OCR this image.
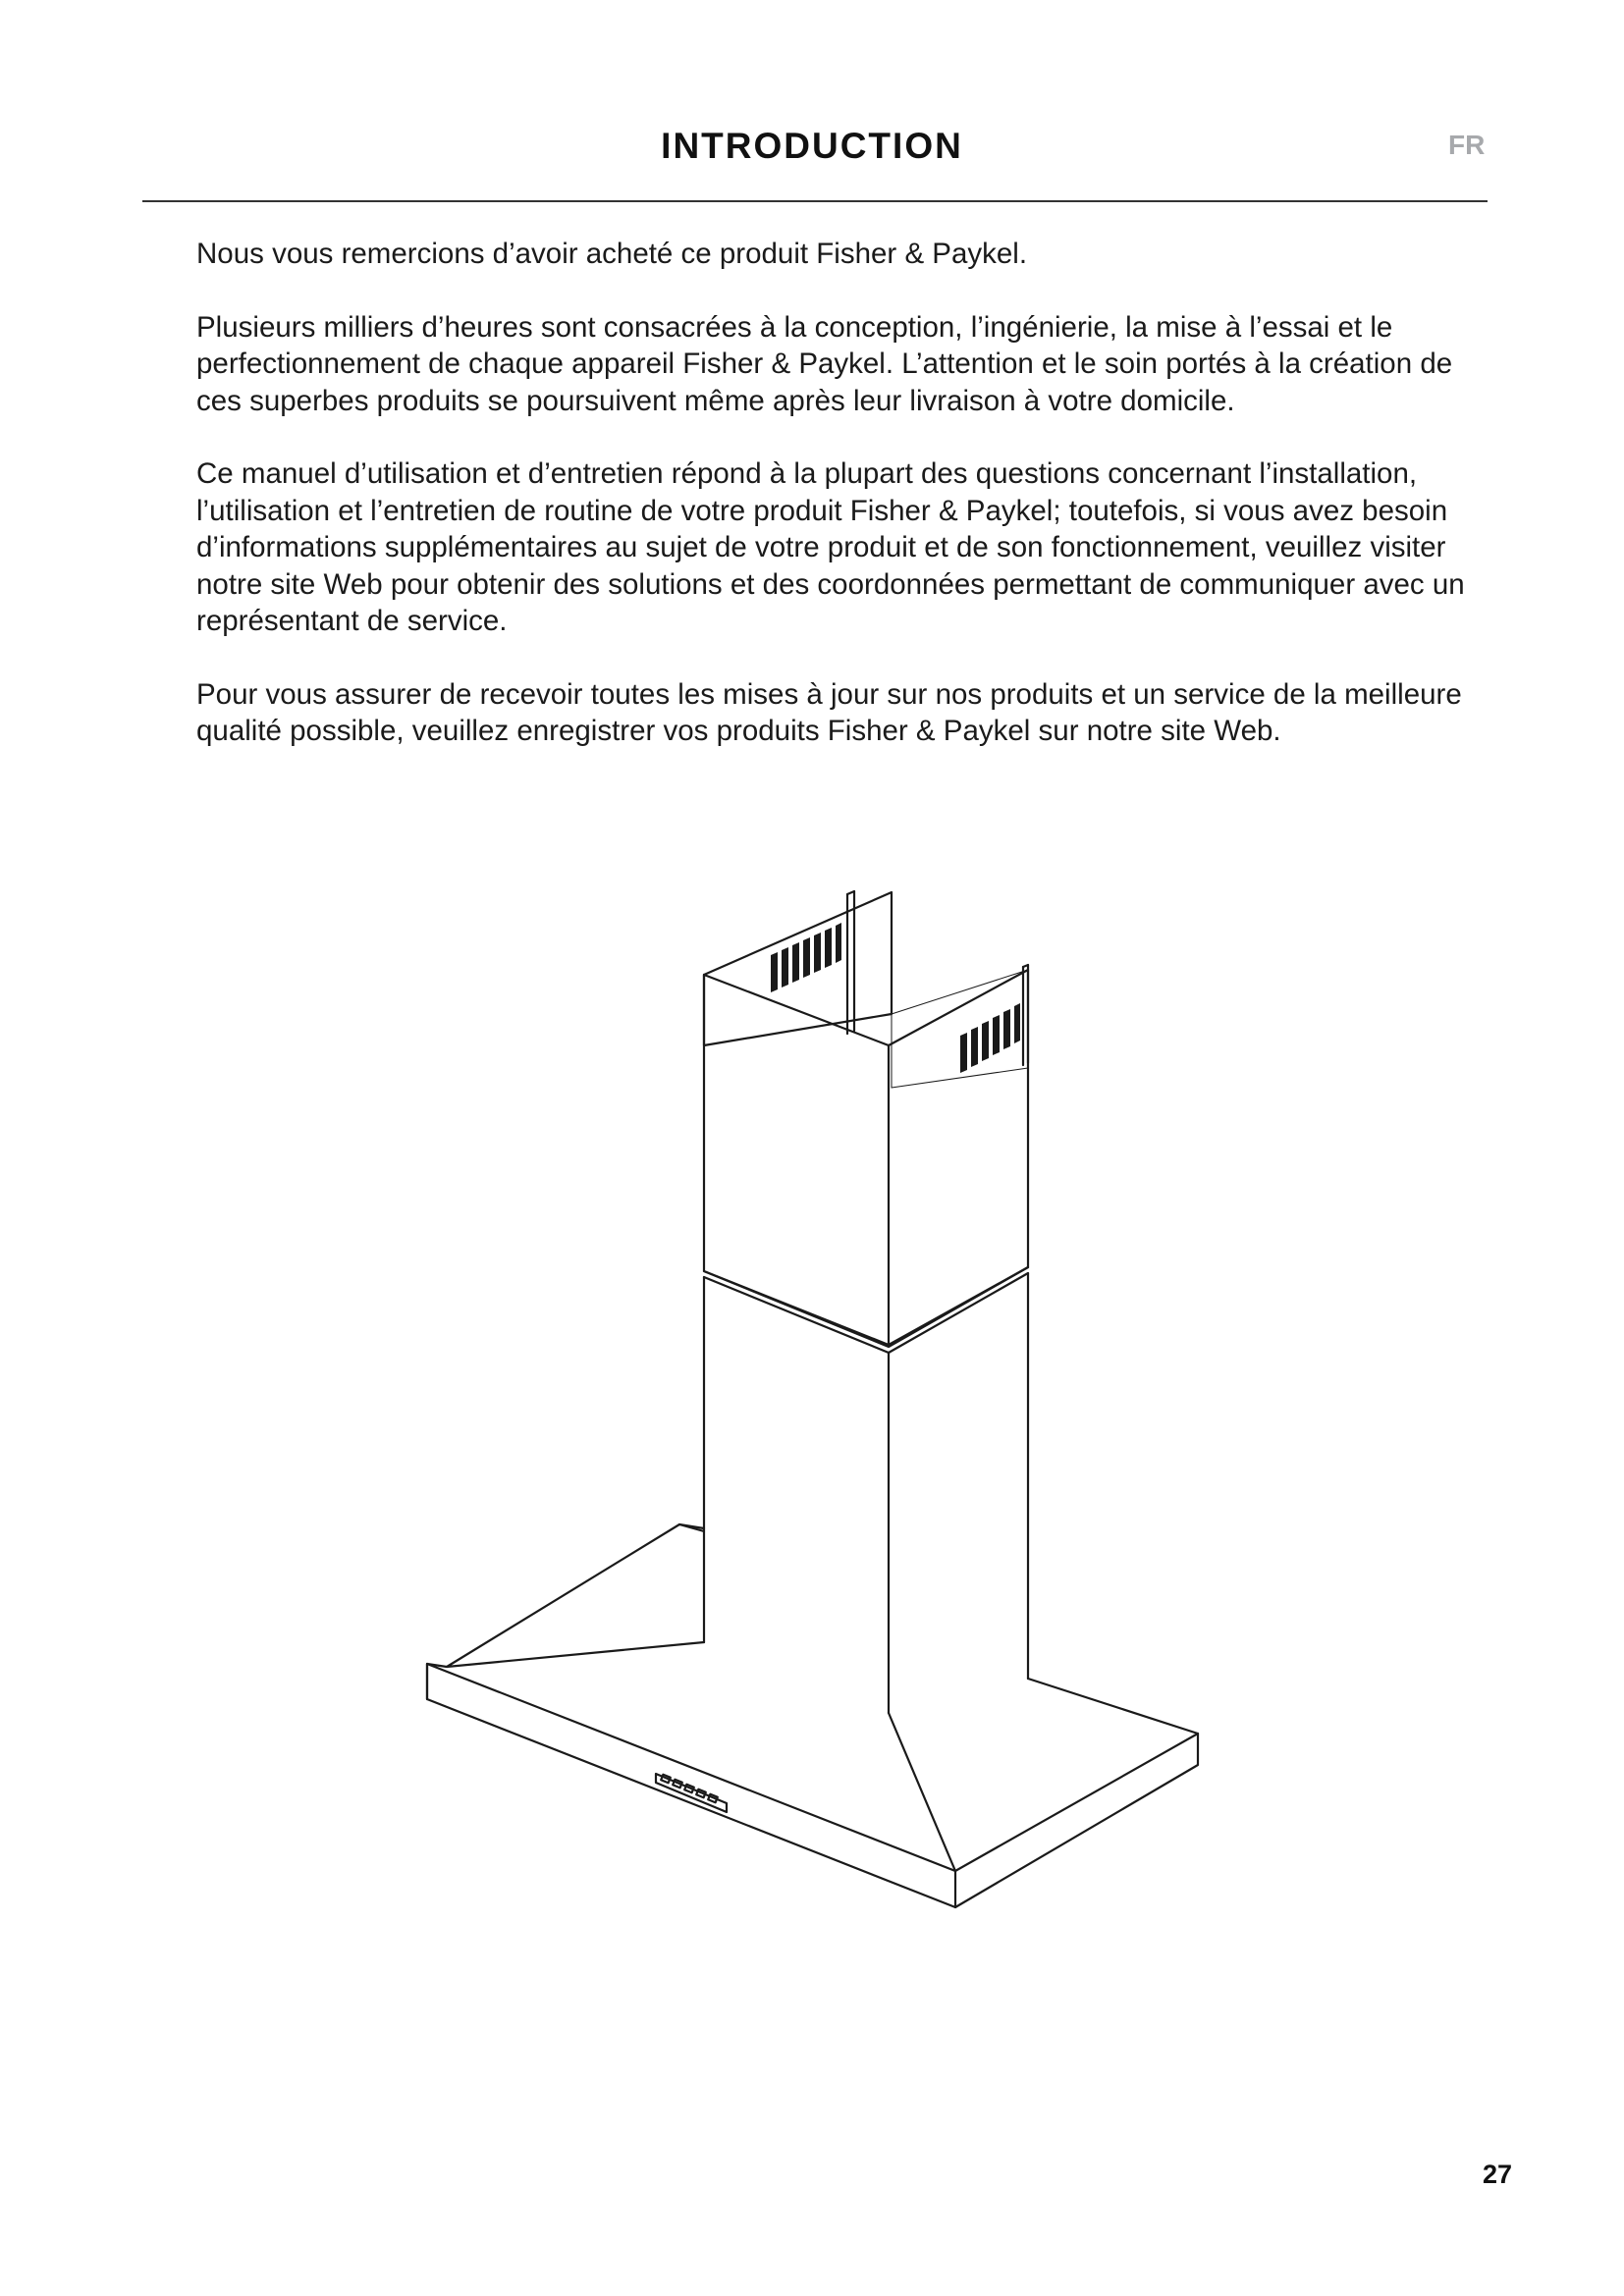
INTRODUCTION	FR

Nous vous remercions d’avoir acheté ce produit Fisher & Paykel.

Plusieurs milliers d’heures sont consacrées à la conception, l’ingénierie, la mise à l’essai et le perfectionnement de chaque appareil Fisher & Paykel. L’attention et le soin portés à la création de ces superbes produits se poursuivent même après leur livraison à votre domicile.

Ce manuel d’utilisation et d’entretien répond à la plupart des questions concernant l’installation, l’utilisation et l’entretien de routine de votre produit Fisher & Paykel; toutefois, si vous avez besoin d’informations supplémentaires au sujet de votre produit et de son fonctionnement, veuillez visiter notre site Web pour obtenir des solutions et des coordonnées permettant de communiquer avec un représentant de service.

Pour vous assurer de recevoir toutes les mises à jour sur nos produits et un service de la meilleure qualité possible, veuillez enregistrer vos produits Fisher & Paykel sur notre site Web.

27
